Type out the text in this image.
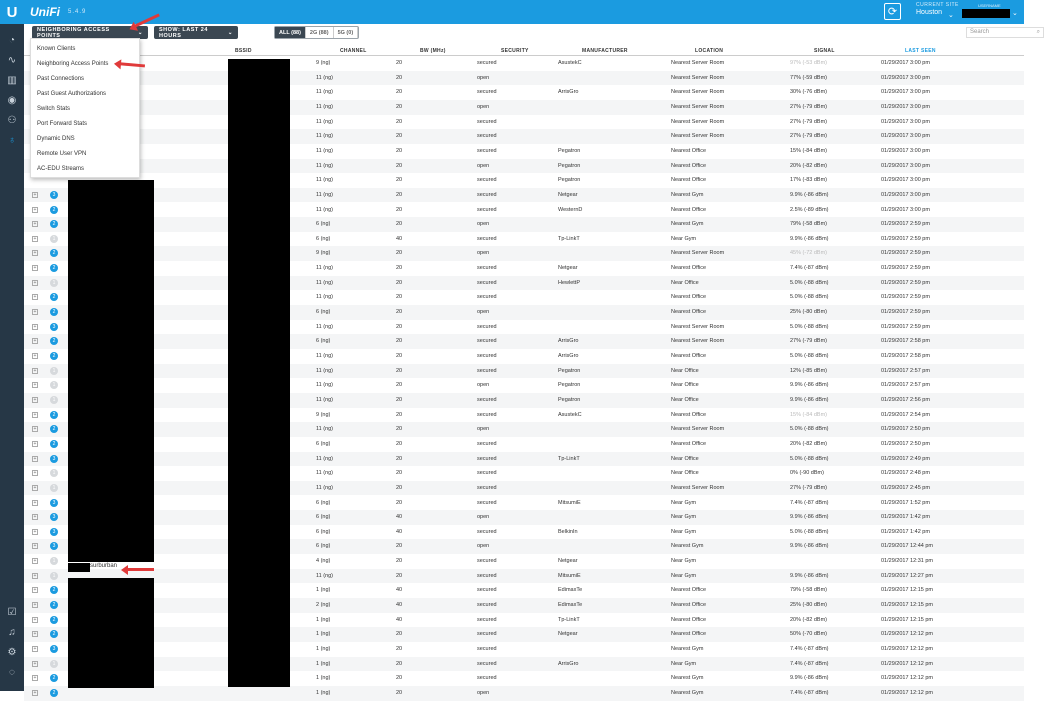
U	UniFi 5.4.9	⟳
CURRENT SITE
Houston ⌄
USERNAME
⌄
◔
∿
▥
◉
⚇
♁
☑
♫
⚙
◌
NEIGHBORING ACCESS POINTS	⌄	SHOW: LAST 24 HOURS	⌄	ALL (88)	2G (88)	5G (0)	Search	⌕
BSSID	CHANNEL	BW (MHz)	SECURITY	MANUFACTURER	LOCATION	SIGNAL	LAST SEEN
9 (ng)	20	secured	AsustekC	Nearest Server Room	97% (-53 dBm)	01/29/2017 3:00 pm
11 (ng)	20	open	Nearest Server Room	77% (-59 dBm)	01/29/2017 3:00 pm
11 (ng)	20	secured	ArrisGro	Nearest Server Room	30% (-76 dBm)	01/29/2017 3:00 pm
11 (ng)	20	open	Nearest Server Room	27% (-79 dBm)	01/29/2017 3:00 pm
11 (ng)	20	secured	Nearest Server Room	27% (-79 dBm)	01/29/2017 3:00 pm
11 (ng)	20	secured	Nearest Server Room	27% (-79 dBm)	01/29/2017 3:00 pm
11 (ng)	20	secured	Pegatron	Nearest Office	15% (-84 dBm)	01/29/2017 3:00 pm
11 (ng)	20	open	Pegatron	Nearest Office	20% (-82 dBm)	01/29/2017 3:00 pm
11 (ng)	20	secured	Pegatron	Nearest Office	17% (-83 dBm)	01/29/2017 3:00 pm
+	3	11 (ng)	20	secured	Netgear	Nearest Gym	9.9% (-86 dBm)	01/29/2017 3:00 pm
+	2	11 (ng)	20	secured	WesternD	Nearest Office	2.5% (-89 dBm)	01/29/2017 3:00 pm
+	2	6 (ng)	20	open	Nearest Gym	79% (-58 dBm)	01/29/2017 2:59 pm
+	1	6 (ng)	40	secured	Tp-LinkT	Near Gym	9.9% (-86 dBm)	01/29/2017 2:59 pm
+	2	9 (ng)	20	open	Nearest Server Room	45% (-72 dBm)	01/29/2017 2:59 pm
+	2	11 (ng)	20	secured	Netgear	Nearest Office	7.4% (-87 dBm)	01/29/2017 2:59 pm
+	1	11 (ng)	20	secured	HewlettP	Near Office	5.0% (-88 dBm)	01/29/2017 2:59 pm
+	2	11 (ng)	20	secured	Nearest Office	5.0% (-88 dBm)	01/29/2017 2:59 pm
+	2	6 (ng)	20	open	Nearest Office	25% (-80 dBm)	01/29/2017 2:59 pm
+	3	11 (ng)	20	secured	Nearest Server Room	5.0% (-88 dBm)	01/29/2017 2:59 pm
+	2	6 (ng)	20	secured	ArrisGro	Nearest Server Room	27% (-79 dBm)	01/29/2017 2:58 pm
+	2	11 (ng)	20	secured	ArrisGro	Nearest Office	5.0% (-88 dBm)	01/29/2017 2:58 pm
+	1	11 (ng)	20	secured	Pegatron	Near Office	12% (-85 dBm)	01/29/2017 2:57 pm
+	1	11 (ng)	20	open	Pegatron	Near Office	9.9% (-86 dBm)	01/29/2017 2:57 pm
+	1	11 (ng)	20	secured	Pegatron	Near Office	9.9% (-86 dBm)	01/29/2017 2:56 pm
+	2	9 (ng)	20	secured	AsustekC	Nearest Office	15% (-84 dBm)	01/29/2017 2:54 pm
+	2	11 (ng)	20	open	Nearest Server Room	5.0% (-88 dBm)	01/29/2017 2:50 pm
+	2	6 (ng)	20	secured	Nearest Office	20% (-82 dBm)	01/29/2017 2:50 pm
+	3	11 (ng)	20	secured	Tp-LinkT	Near Office	5.0% (-88 dBm)	01/29/2017 2:49 pm
+	1	11 (ng)	20	secured	Near Office	0% (-90 dBm)	01/29/2017 2:48 pm
+	1	11 (ng)	20	secured	Nearest Server Room	27% (-79 dBm)	01/29/2017 2:45 pm
+	3	6 (ng)	20	secured	MitsumiE	Near Gym	7.4% (-87 dBm)	01/29/2017 1:52 pm
+	3	6 (ng)	40	open	Near Gym	9.9% (-86 dBm)	01/29/2017 1:42 pm
+	3	6 (ng)	40	secured	BelkinIn	Near Gym	5.0% (-88 dBm)	01/29/2017 1:42 pm
+	3	6 (ng)	20	open	Nearest Gym	9.9% (-86 dBm)	01/29/2017 12:44 pm
+	1	4 (ng)	20	secured	Netgear	Near Gym	01/29/2017 12:31 pm
+	1	11 (ng)	20	secured	MitsumiE	Near Gym	9.9% (-86 dBm)	01/29/2017 12:27 pm
+	2	1 (ng)	40	secured	EdimaxTe	Nearest Office	79% (-58 dBm)	01/29/2017 12:15 pm
+	2	2 (ng)	40	secured	EdimaxTe	Nearest Office	25% (-80 dBm)	01/29/2017 12:15 pm
+	2	1 (ng)	40	secured	Tp-LinkT	Nearest Office	20% (-82 dBm)	01/29/2017 12:15 pm
+	2	1 (ng)	20	secured	Netgear	Nearest Office	50% (-70 dBm)	01/29/2017 12:12 pm
+	3	1 (ng)	20	secured	Nearest Gym	7.4% (-87 dBm)	01/29/2017 12:12 pm
+	1	1 (ng)	20	secured	ArrisGro	Near Gym	7.4% (-87 dBm)	01/29/2017 12:12 pm
+	2	1 (ng)	20	secured	Nearest Gym	9.9% (-86 dBm)	01/29/2017 12:12 pm
+	2	1 (ng)	20	open	Nearest Gym	7.4% (-87 dBm)	01/29/2017 12:12 pm
surburban
Known Clients
Neighboring Access Points
Past Connections
Past Guest Authorizations
Switch Stats
Port Forward Stats
Dynamic DNS
Remote User VPN
AC-EDU Streams
